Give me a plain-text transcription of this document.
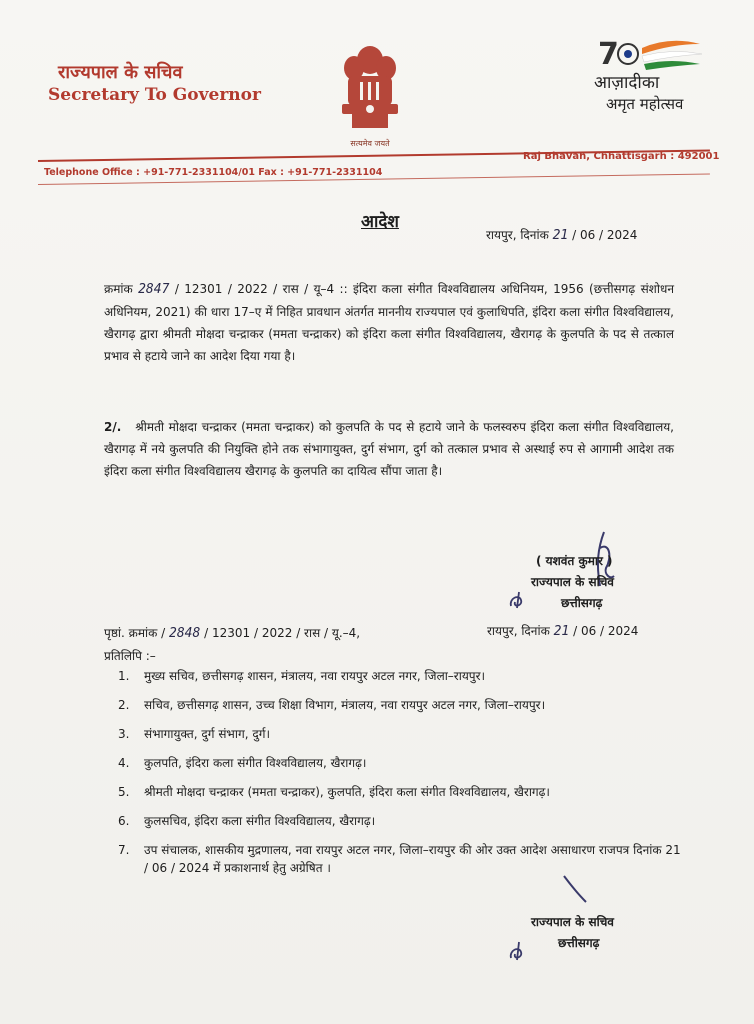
राज्यपाल के सचिव
Secretary To Governor
सत्यमेव जयते
7
आज़ादीका
अमृत महोत्सव
Raj Bhavan, Chhattisgarh : 492001
Telephone Office : +91-771-2331104/01 Fax : +91-771-2331104
आदेश
रायपुर, दिनांक 21 / 06 / 2024
क्रमांक 2847 / 12301 / 2022 / रास / यू–4 :: इंदिरा कला संगीत विश्वविद्यालय अधिनियम, 1956 (छत्तीसगढ़ संशोधन अधिनियम, 2021) की धारा 17–ए में निहित प्रावधान अंतर्गत माननीय राज्यपाल एवं कुलाधिपति, इंदिरा कला संगीत विश्वविद्यालय, खैरागढ़ द्वारा श्रीमती मोक्षदा चन्द्राकर (ममता चन्द्राकर) को इंदिरा कला संगीत विश्वविद्यालय, खैरागढ़ के कुलपति के पद से तत्काल प्रभाव से हटाये जाने का आदेश दिया गया है।
2/. श्रीमती मोक्षदा चन्द्राकर (ममता चन्द्राकर) को कुलपति के पद से हटाये जाने के फलस्वरुप इंदिरा कला संगीत विश्वविद्यालय, खैरागढ़ में नये कुलपति की नियुक्ति होने तक संभागायुक्त, दुर्ग संभाग, दुर्ग को तत्काल प्रभाव से अस्थाई रुप से आगामी आदेश तक इंदिरा कला संगीत विश्वविद्यालय खैरागढ़ के कुलपति का दायित्व सौंपा जाता है।
( यशवंत कुमार )
राज्यपाल के सचिव
छत्तीसगढ़
पृष्ठां. क्रमांक / 2848 / 12301 / 2022 / रास / यू.–4,	रायपुर, दिनांक 21 / 06 / 2024
प्रतिलिपि :–
1.	मुख्य सचिव, छत्तीसगढ़ शासन, मंत्रालय, नवा रायपुर अटल नगर, जिला–रायपुर।
2.	सचिव, छत्तीसगढ़ शासन, उच्च शिक्षा विभाग, मंत्रालय, नवा रायपुर अटल नगर, जिला–रायपुर।
3.	संभागायुक्त, दुर्ग संभाग, दुर्ग।
4.	कुलपति, इंदिरा कला संगीत विश्वविद्यालय, खैरागढ़।
5.	श्रीमती मोक्षदा चन्द्राकर (ममता चन्द्राकर), कुलपति, इंदिरा कला संगीत विश्वविद्यालय, खैरागढ़।
6.	कुलसचिव, इंदिरा कला संगीत विश्वविद्यालय, खैरागढ़।
7.	उप संचालक, शासकीय मुद्रणालय, नवा रायपुर अटल नगर, जिला–रायपुर की ओर उक्त आदेश असाधारण राजपत्र दिनांक 21 / 06 / 2024 में प्रकाशनार्थ हेतु अग्रेषित ।
राज्यपाल के सचिव
छत्तीसगढ़
